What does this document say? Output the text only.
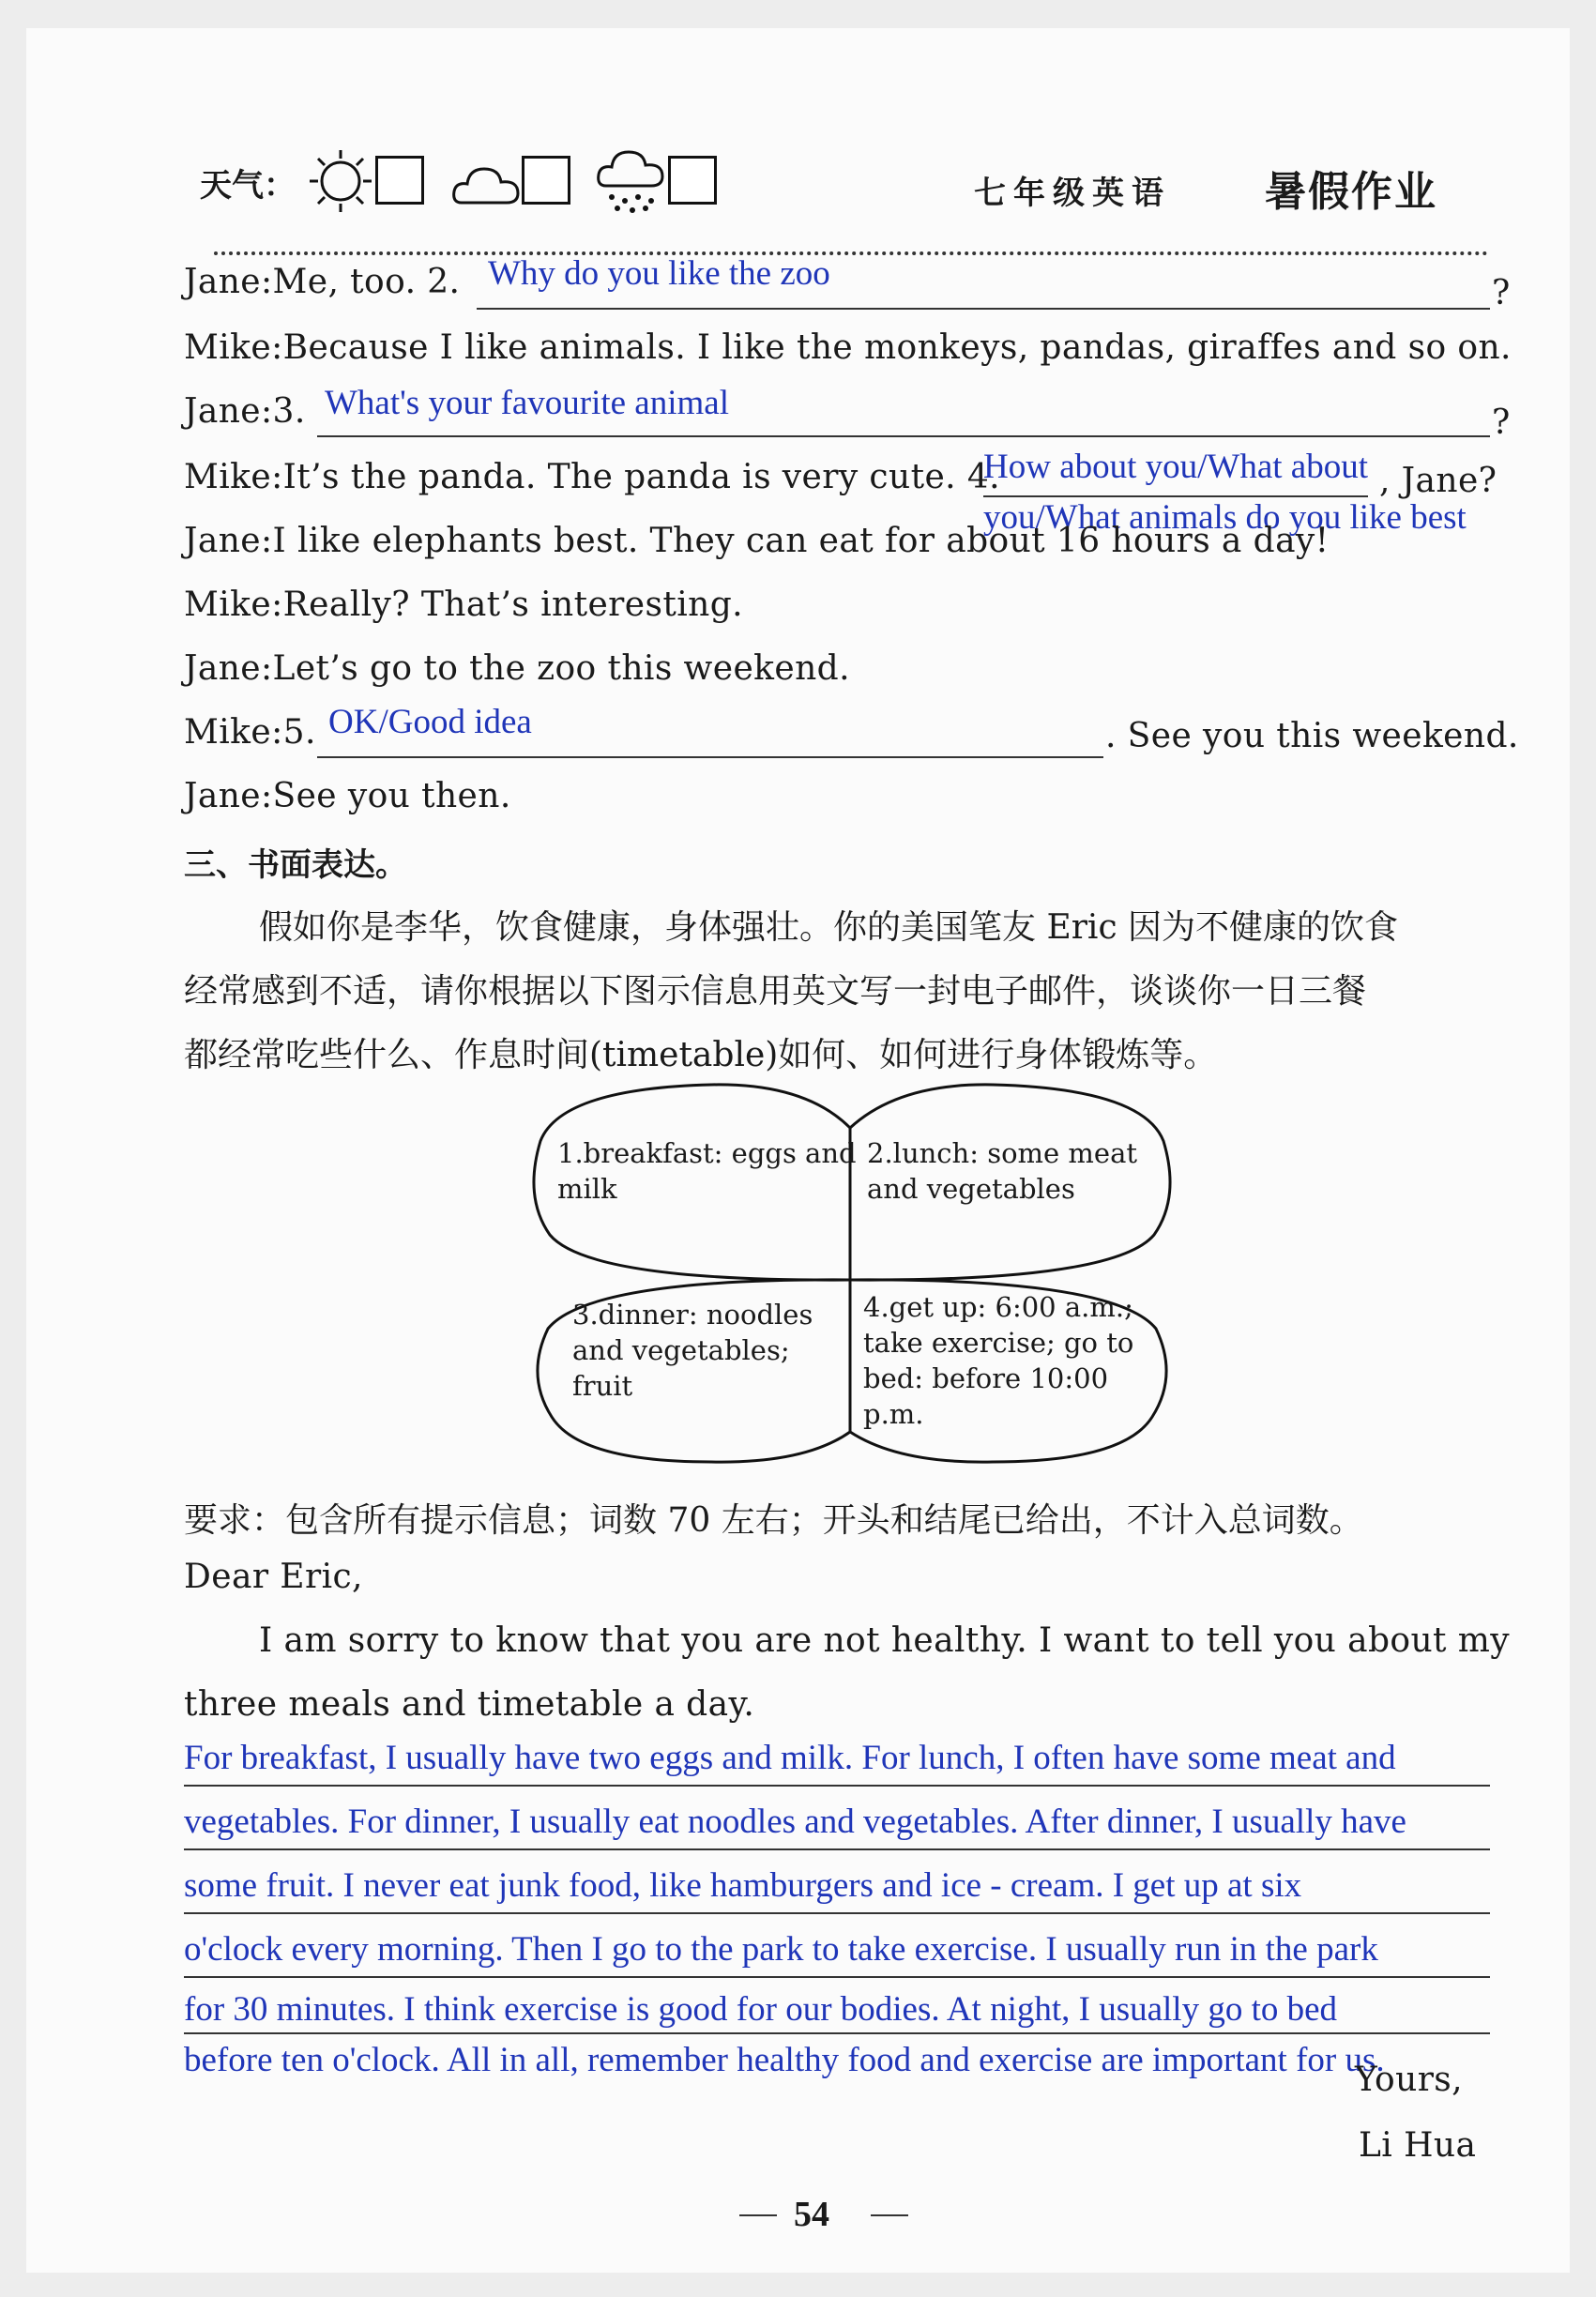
天气：	七年级英语 暑假作业
Jane:Me, too. 2. Why do you like the zoo
?
Mike:Because I like animals. I like the monkeys, pandas, giraffes and so on.
Jane:3. What's your favourite animal
?
Mike:It’s the panda. The panda is very cute. 4.
How about you/What about , Jane?
you/What animals do you like best
Jane:I like elephants best. They can eat for about 16 hours a day!
Mike:Really? That’s interesting.
Jane:Let’s go to the zoo this weekend.
Mike:5. OK/Good idea	. See you this weekend.
Jane:See you then.
三、书面表达。
假如你是李华，饮食健康，身体强壮。你的美国笔友 Eric 因为不健康的饮食
经常感到不适，请你根据以下图示信息用英文写一封电子邮件，谈谈你一日三餐
都经常吃些什么、作息时间(timetable)如何、如何进行身体锻炼等。
1.breakfast: eggs and milk
2.lunch: some meat and vegetables
3.dinner: noodles and vegetables; fruit
4.get up: 6:00 a.m.; take exercise; go to bed: before 10:00 p.m.
要求：包含所有提示信息；词数 70 左右；开头和结尾已给出，不计入总词数。
Dear Eric,
I am sorry to know that you are not healthy. I want to tell you about my
three meals and timetable a day.
For breakfast, I usually have two eggs and milk. For lunch, I often have some meat and
vegetables. For dinner, I usually eat noodles and vegetables. After dinner, I usually have
some fruit. I never eat junk food, like hamburgers and ice - cream. I get up at six
o'clock every morning. Then I go to the park to take exercise. I usually run in the park
for 30 minutes. I think exercise is good for our bodies. At night, I usually go to bed
before ten o'clock. All in all, remember healthy food and exercise are important for us.
Yours,
Li Hua
54
